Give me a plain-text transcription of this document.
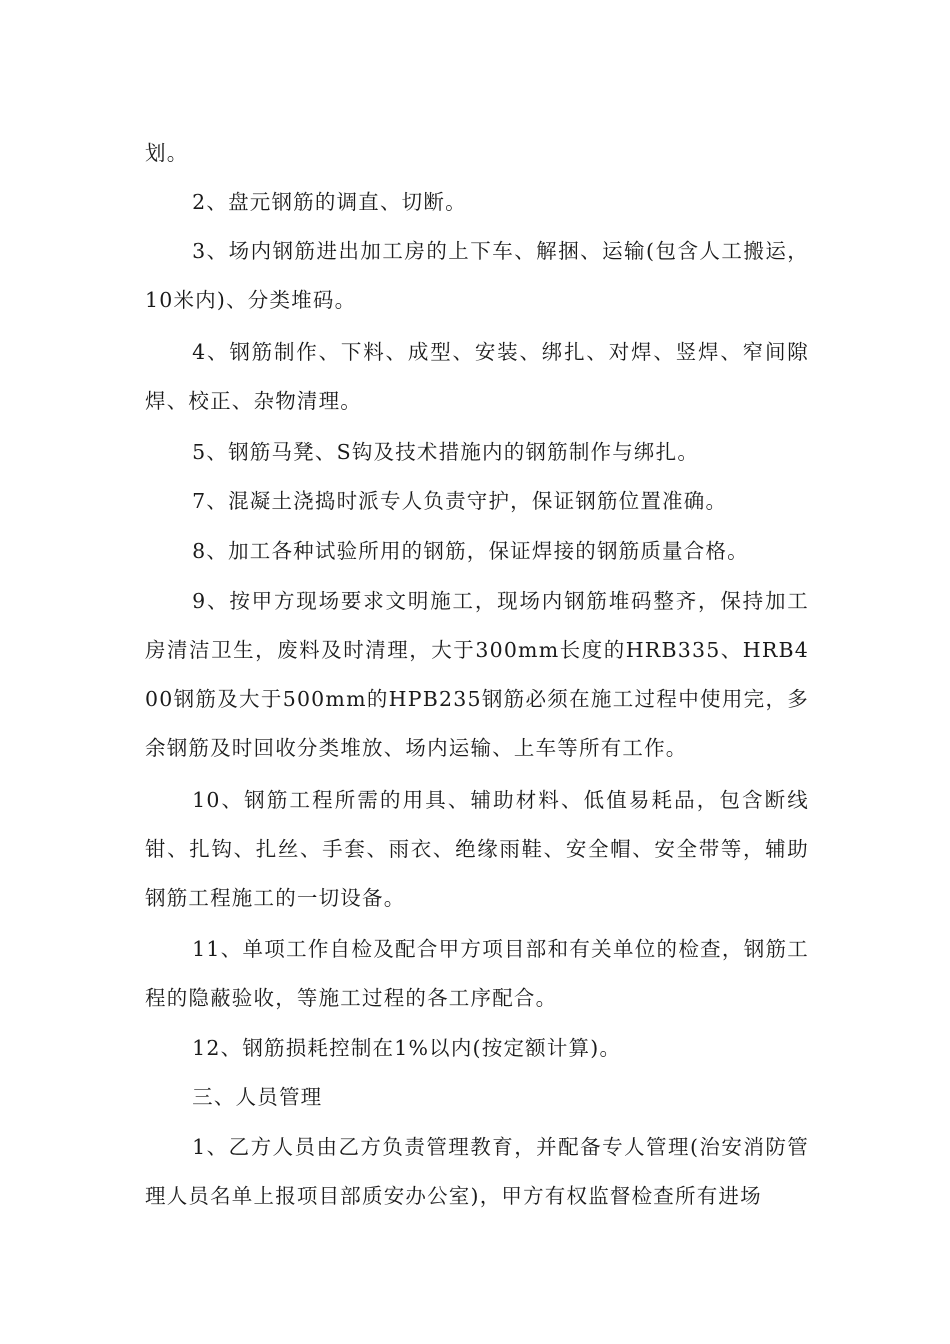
划。

2、盘元钢筋的调直、切断。

3、场内钢筋进出加工房的上下车、解捆、运输(包含人工搬运，10米内)、分类堆码。

4、钢筋制作、下料、成型、安装、绑扎、对焊、竖焊、窄间隙焊、校正、杂物清理。

5、钢筋马凳、S钩及技术措施内的钢筋制作与绑扎。

7、混凝土浇捣时派专人负责守护，保证钢筋位置准确。

8、加工各种试验所用的钢筋，保证焊接的钢筋质量合格。

9、按甲方现场要求文明施工，现场内钢筋堆码整齐，保持加工房清洁卫生，废料及时清理，大于300mm长度的HRB335、HRB400钢筋及大于500mm的HPB235钢筋必须在施工过程中使用完，多余钢筋及时回收分类堆放、场内运输、上车等所有工作。

10、钢筋工程所需的用具、辅助材料、低值易耗品，包含断线钳、扎钩、扎丝、手套、雨衣、绝缘雨鞋、安全帽、安全带等，辅助钢筋工程施工的一切设备。

11、单项工作自检及配合甲方项目部和有关单位的检查，钢筋工程的隐蔽验收，等施工过程的各工序配合。

12、钢筋损耗控制在1%以内(按定额计算)。

三、人员管理

1、乙方人员由乙方负责管理教育，并配备专人管理(治安消防管理人员名单上报项目部质安办公室)，甲方有权监督检查所有进场
